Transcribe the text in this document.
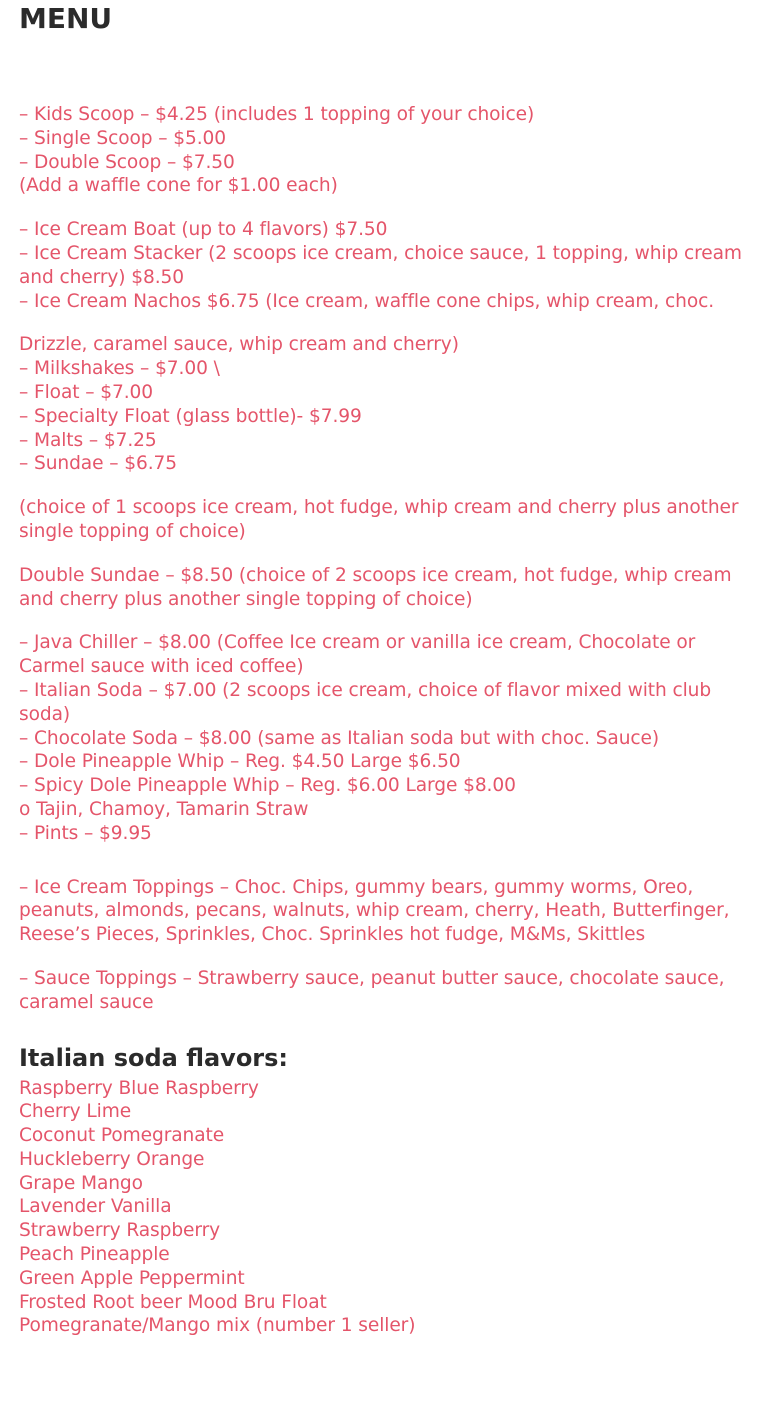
MENU
– Kids Scoop – $4.25 (includes 1 topping of your choice)
– Single Scoop – $5.00
– Double Scoop – $7.50
(Add a waffle cone for $1.00 each)
– Ice Cream Boat (up to 4 flavors) $7.50
– Ice Cream Stacker (2 scoops ice cream, choice sauce, 1 topping, whip cream and cherry) $8.50
– Ice Cream Nachos $6.75 (Ice cream, waffle cone chips, whip cream, choc.
Drizzle, caramel sauce, whip cream and cherry)
– Milkshakes – $7.00 \
– Float – $7.00
– Specialty Float (glass bottle)- $7.99
– Malts – $7.25
– Sundae – $6.75
(choice of 1 scoops ice cream, hot fudge, whip cream and cherry plus another single topping of choice)
Double Sundae – $8.50 (choice of 2 scoops ice cream, hot fudge, whip cream and cherry plus another single topping of choice)
– Java Chiller – $8.00 (Coffee Ice cream or vanilla ice cream, Chocolate or Carmel sauce with iced coffee)
– Italian Soda – $7.00 (2 scoops ice cream, choice of flavor mixed with club soda)
– Chocolate Soda – $8.00 (same as Italian soda but with choc. Sauce)
– Dole Pineapple Whip – Reg. $4.50 Large $6.50
– Spicy Dole Pineapple Whip – Reg. $6.00 Large $8.00
o Tajin, Chamoy, Tamarin Straw
– Pints – $9.95
– Ice Cream Toppings – Choc. Chips, gummy bears, gummy worms, Oreo, peanuts, almonds, pecans, walnuts, whip cream, cherry, Heath, Butterfinger, Reese’s Pieces, Sprinkles, Choc. Sprinkles hot fudge, M&Ms, Skittles
– Sauce Toppings – Strawberry sauce, peanut butter sauce, chocolate sauce, caramel sauce
Italian soda flavors:
Raspberry Blue Raspberry
Cherry Lime
Coconut Pomegranate
Huckleberry Orange
Grape Mango
Lavender Vanilla
Strawberry Raspberry
Peach Pineapple
Green Apple Peppermint
Frosted Root beer Mood Bru Float
Pomegranate/Mango mix (number 1 seller)
